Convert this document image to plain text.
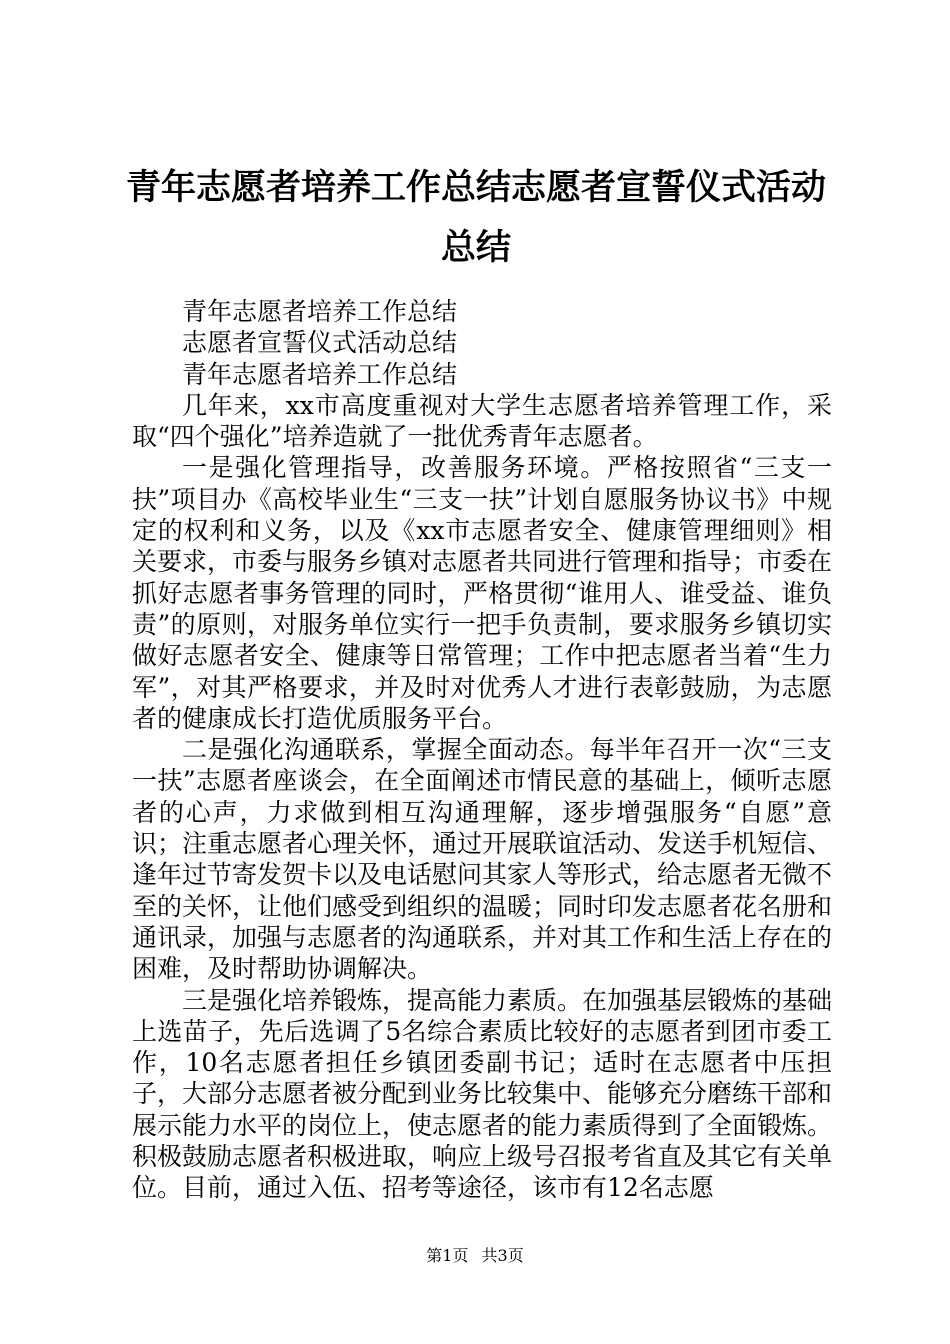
青年志愿者培养工作总结志愿者宣誓仪式活动总结

青年志愿者培养工作总结

志愿者宣誓仪式活动总结

青年志愿者培养工作总结

几年来，xx市高度重视对大学生志愿者培养管理工作，采取“四个强化”培养造就了一批优秀青年志愿者。

一是强化管理指导，改善服务环境。严格按照省“三支一扶”项目办《高校毕业生“三支一扶”计划自愿服务协议书》中规定的权利和义务，以及《xx市志愿者安全、健康管理细则》相关要求，市委与服务乡镇对志愿者共同进行管理和指导；市委在抓好志愿者事务管理的同时，严格贯彻“谁用人、谁受益、谁负责”的原则，对服务单位实行一把手负责制，要求服务乡镇切实做好志愿者安全、健康等日常管理；工作中把志愿者当着“生力军”，对其严格要求，并及时对优秀人才进行表彰鼓励，为志愿者的健康成长打造优质服务平台。

二是强化沟通联系，掌握全面动态。每半年召开一次“三支一扶”志愿者座谈会，在全面阐述市情民意的基础上，倾听志愿者的心声，力求做到相互沟通理解，逐步增强服务“自愿”意识；注重志愿者心理关怀，通过开展联谊活动、发送手机短信、逢年过节寄发贺卡以及电话慰问其家人等形式，给志愿者无微不至的关怀，让他们感受到组织的温暖；同时印发志愿者花名册和通讯录，加强与志愿者的沟通联系，并对其工作和生活上存在的困难，及时帮助协调解决。

三是强化培养锻炼，提高能力素质。在加强基层锻炼的基础上选苗子，先后选调了5名综合素质比较好的志愿者到团市委工作，10名志愿者担任乡镇团委副书记；适时在志愿者中压担子，大部分志愿者被分配到业务比较集中、能够充分磨练干部和展示能力水平的岗位上，使志愿者的能力素质得到了全面锻炼。积极鼓励志愿者积极进取，响应上级号召报考省直及其它有关单位。目前，通过入伍、招考等途径，该市有12名志愿

第1页 共3页
